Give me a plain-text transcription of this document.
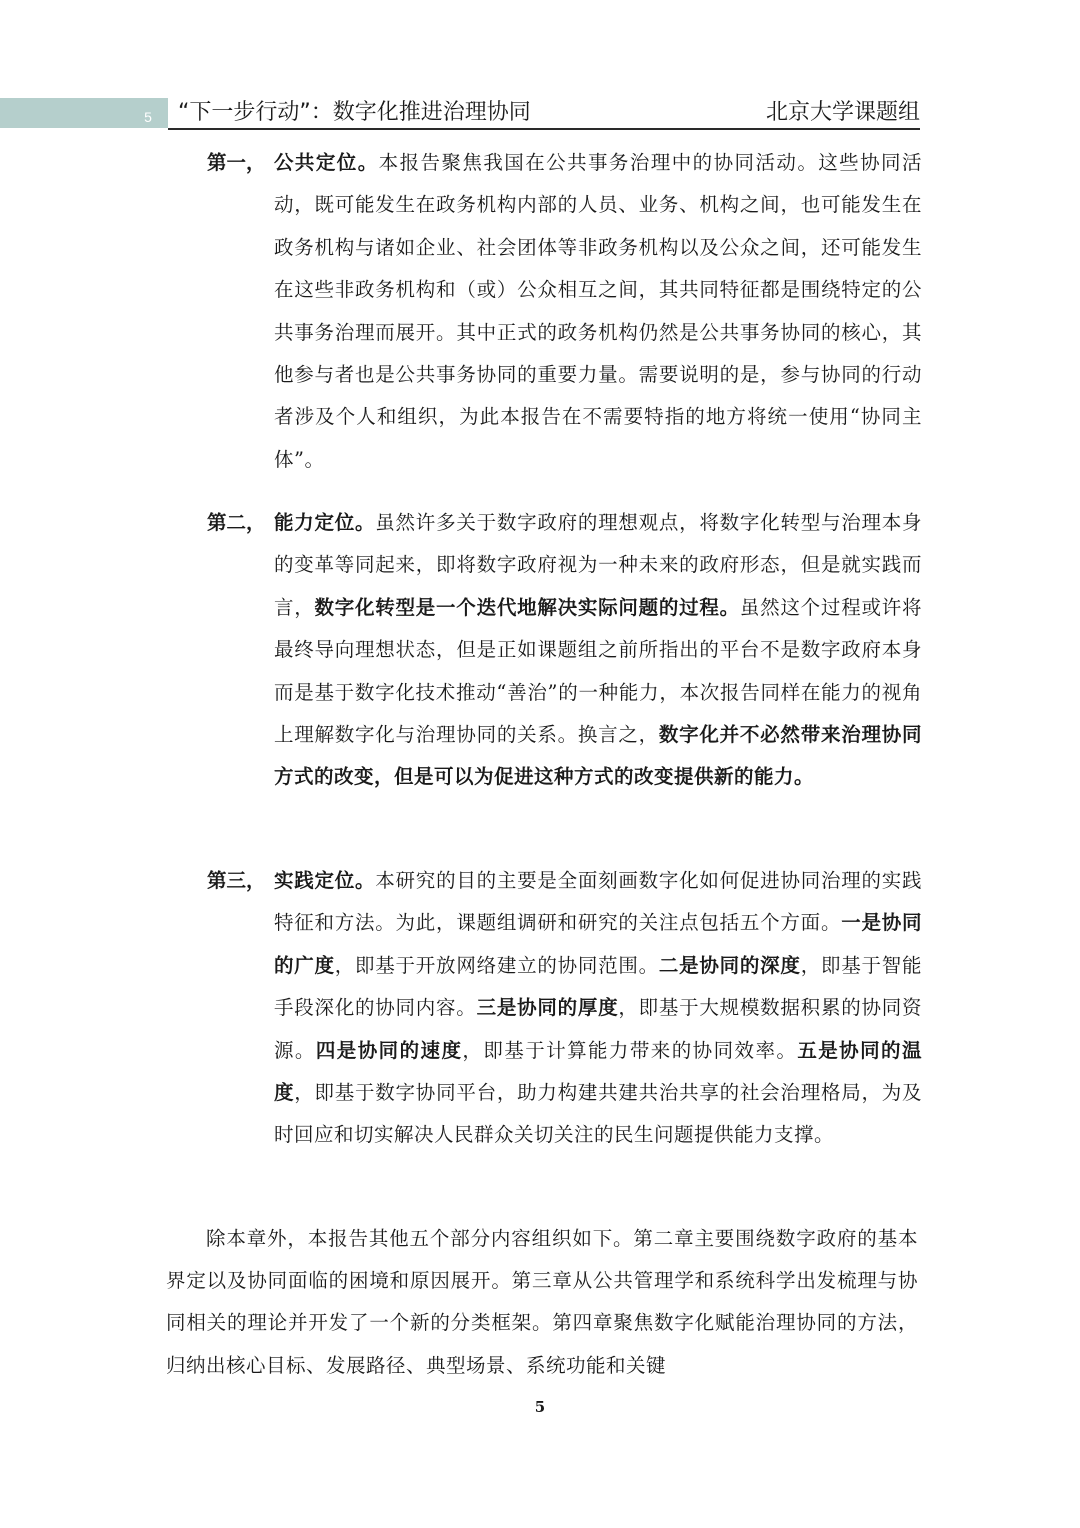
5	“下一步行动”：数字化推进治理协同	北京大学课题组
第一， 公共定位。本报告聚焦我国在公共事务治理中的协同活动。这些协同活动，既可能发生在政务机构内部的人员、业务、机构之间，也可能发生在政务机构与诸如企业、社会团体等非政务机构以及公众之间，还可能发生在这些非政务机构和（或）公众相互之间，其共同特征都是围绕特定的公共事务治理而展开。其中正式的政务机构仍然是公共事务协同的核心，其他参与者也是公共事务协同的重要力量。需要说明的是，参与协同的行动者涉及个人和组织，为此本报告在不需要特指的地方将统一使用“协同主体”。
第二， 能力定位。虽然许多关于数字政府的理想观点，将数字化转型与治理本身的变革等同起来，即将数字政府视为一种未来的政府形态，但是就实践而言，数字化转型是一个迭代地解决实际问题的过程。虽然这个过程或许将最终导向理想状态，但是正如课题组之前所指出的平台不是数字政府本身而是基于数字化技术推动“善治”的一种能力，本次报告同样在能力的视角上理解数字化与治理协同的关系。换言之，数字化并不必然带来治理协同方式的改变，但是可以为促进这种方式的改变提供新的能力。
第三， 实践定位。本研究的目的主要是全面刻画数字化如何促进协同治理的实践特征和方法。为此，课题组调研和研究的关注点包括五个方面。一是协同的广度，即基于开放网络建立的协同范围。二是协同的深度，即基于智能手段深化的协同内容。三是协同的厚度，即基于大规模数据积累的协同资源。四是协同的速度，即基于计算能力带来的协同效率。五是协同的温度，即基于数字协同平台，助力构建共建共治共享的社会治理格局，为及时回应和切实解决人民群众关切关注的民生问题提供能力支撑。
除本章外，本报告其他五个部分内容组织如下。第二章主要围绕数字政府的基本界定以及协同面临的困境和原因展开。第三章从公共管理学和系统科学出发梳理与协同相关的理论并开发了一个新的分类框架。第四章聚焦数字化赋能治理协同的方法，归纳出核心目标、发展路径、典型场景、系统功能和关键
5
